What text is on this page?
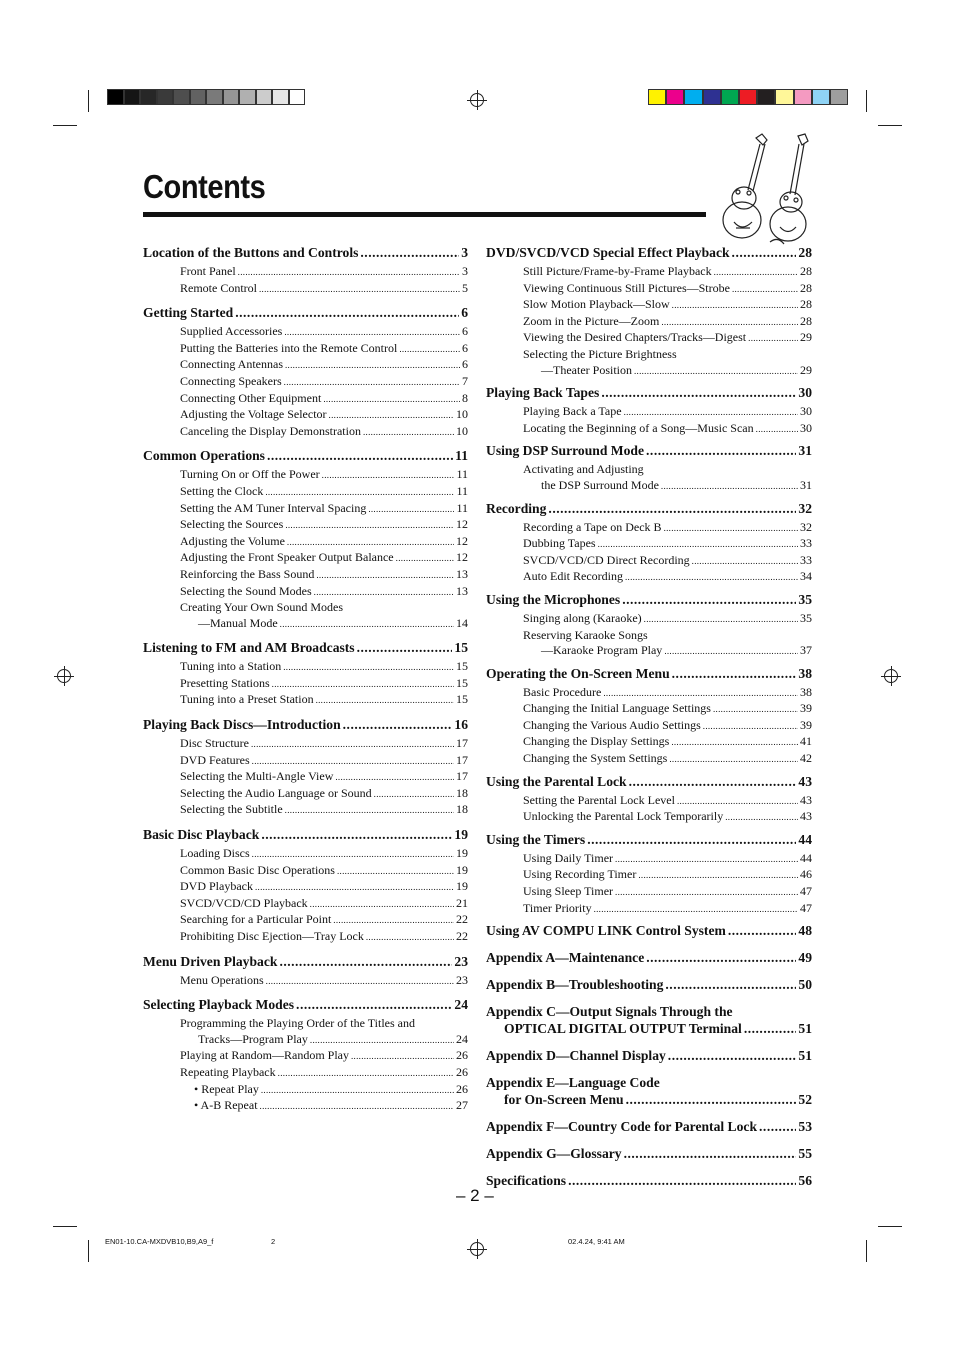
Contents
Location of the Buttons and Controls .....	3
Front Panel .....	3
Remote Control .....	5
Getting Started .....	6
Supplied Accessories .....	6
Putting the Batteries into the Remote Control .....	6
Connecting Antennas .....	6
Connecting Speakers .....	7
Connecting Other Equipment .....	8
Adjusting the Voltage Selector .....	10
Canceling the Display Demonstration .....	10
Common Operations .....	11
Turning On or Off the Power .....	11
Setting the Clock .....	11
Setting the AM Tuner Interval Spacing .....	11
Selecting the Sources .....	12
Adjusting the Volume .....	12
Adjusting the Front Speaker Output Balance .....	12
Reinforcing the Bass Sound .....	13
Selecting the Sound Modes .....	13
Creating Your Own Sound Modes
—Manual Mode .....	14
Listening to FM and AM Broadcasts .....	15
Tuning into a Station .....	15
Presetting Stations .....	15
Tuning into a Preset Station .....	15
Playing Back Discs—Introduction .....	16
Disc Structure .....	17
DVD Features .....	17
Selecting the Multi-Angle View .....	17
Selecting the Audio Language or Sound .....	18
Selecting the Subtitle .....	18
Basic Disc Playback .....	19
Loading Discs .....	19
Common Basic Disc Operations .....	19
DVD Playback .....	19
SVCD/VCD/CD Playback .....	21
Searching for a Particular Point .....	22
Prohibiting Disc Ejection—Tray Lock .....	22
Menu Driven Playback .....	23
Menu Operations .....	23
Selecting Playback Modes .....	24
Programming the Playing Order of the Titles and
Tracks—Program Play .....	24
Playing at Random—Random Play .....	26
Repeating Playback .....	26
• Repeat Play .....	26
• A-B Repeat .....	27
DVD/SVCD/VCD Special Effect Playback .....	28
Still Picture/Frame-by-Frame Playback .....	28
Viewing Continuous Still Pictures—Strobe .....	28
Slow Motion Playback—Slow .....	28
Zoom in the Picture—Zoom .....	28
Viewing the Desired Chapters/Tracks—Digest .....	29
Selecting the Picture Brightness
—Theater Position .....	29
Playing Back Tapes .....	30
Playing Back a Tape .....	30
Locating the Beginning of a Song—Music Scan .....	30
Using DSP Surround Mode .....	31
Activating and Adjusting
the DSP Surround Mode .....	31
Recording .....	32
Recording a Tape on Deck B .....	32
Dubbing Tapes .....	33
SVCD/VCD/CD Direct Recording .....	33
Auto Edit Recording .....	34
Using the Microphones .....	35
Singing along (Karaoke) .....	35
Reserving Karaoke Songs
—Karaoke Program Play .....	37
Operating the On-Screen Menu .....	38
Basic Procedure .....	38
Changing the Initial Language Settings .....	39
Changing the Various Audio Settings .....	39
Changing the Display Settings .....	41
Changing the System Settings .....	42
Using the Parental Lock .....	43
Setting the Parental Lock Level .....	43
Unlocking the Parental Lock Temporarily .....	43
Using the Timers .....	44
Using Daily Timer .....	44
Using Recording Timer .....	46
Using Sleep Timer .....	47
Timer Priority .....	47
Using AV COMPU LINK Control System .....	48
Appendix A—Maintenance .....	49
Appendix B—Troubleshooting .....	50
Appendix C—Output Signals Through the
OPTICAL DIGITAL OUTPUT Terminal .....	51
Appendix D—Channel Display .....	51
Appendix E—Language Code
for On-Screen Menu .....	52
Appendix F—Country Code for Parental Lock .....	53
Appendix G—Glossary .....	55
Specifications .....	56
– 2 –
EN01-10.CA-MXDVB10,B9,A9_f	2	02.4.24, 9:41 AM
